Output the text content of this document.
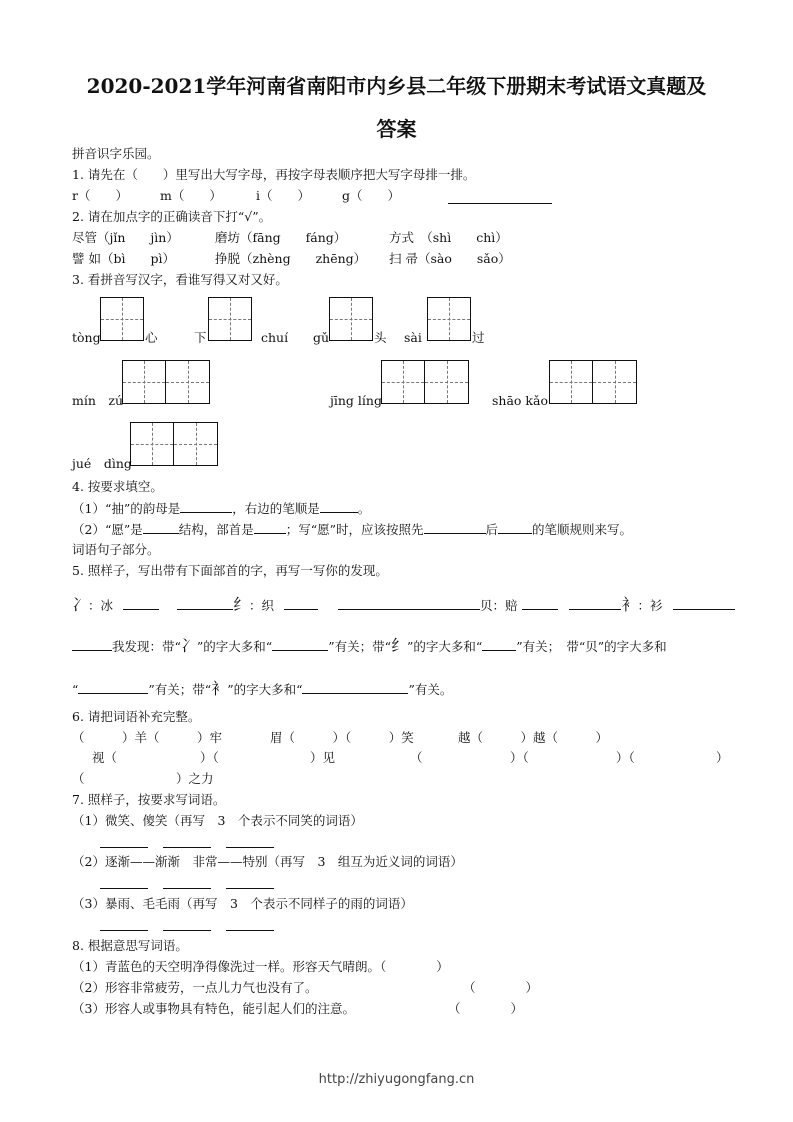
2020-2021学年河南省南阳市内乡县二年级下册期末考试语文真题及
答案
拼音识字乐园。
1. 请先在（　　）里写出大写字母，再按字母表顺序把大写字母排一排。
r（　　）	m（　　）	i（　　）	g（　　）
2. 请在加点字的正确读音下打“√”。
尽管（jǐn　　jìn）	磨坊（fāng　　fáng）	方式　（shì　　chì）
譬 如（bì　　pì）	挣脱（zhèng　　zhēng） 扫 帚（sào　　sǎo）
3. 看拼音写汉字，看谁写得又对又好。
tòng	心	下	chuí gǔ	头 sài	过
mín　zú	jīng líng	shāo kǎo
jué　dìng
4. 按要求填空。
（1）“抽”的韵母是	，右边的笔顺是	。
（2）“愿”是	结构，部首是	；写“愿”时，应该按照先	后	的笔顺规则来写。
词语句子部分。
5. 照样子，写出带有下面部首的字，再写一写你的发现。
冫：冰	纟：织	贝：赔	衤：衫
我发现：带“冫”的字大多和“	”有关；带“纟”的字大多和“	”有关；　带“贝”的字大多和
“	”有关；带“衤”的字大多和“	”有关。
6. 请把词语补充完整。
（　　　）羊（　　　）牢	眉（　　　）（　　　）笑	越（　　　）越（　　　）
视（	）（	）见	（	）（	）（	）
（	）之力
7. 照样子，按要求写词语。
（1）微笑、傻笑（再写　3　个表示不同笑的词语）
（2）逐渐——渐渐　非常——特别（再写　3　组互为近义词的词语）
（3）暴雨、毛毛雨（再写　3　个表示不同样子的雨的词语）
8. 根据意思写词语。
（1）青蓝色的天空明净得像洗过一样。形容天气晴朗。（　　　　）
（2）形容非常疲劳，一点儿力气也没有了。	（　　　　）
（3）形容人或事物具有特色，能引起人们的注意。	（　　　　）
http://zhiyugongfang.cn
